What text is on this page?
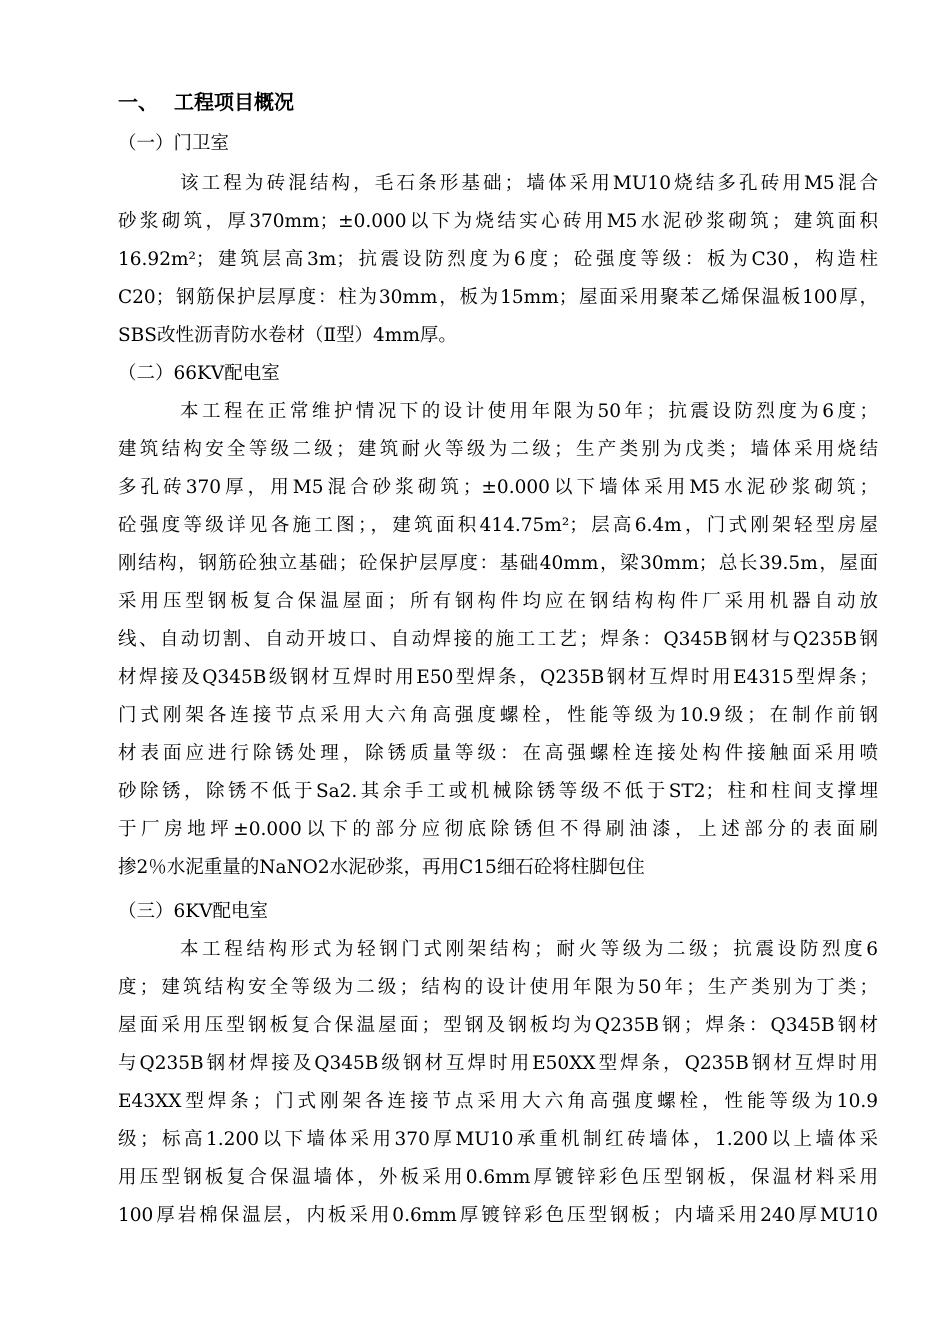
一、 工程项目概况
（一）门卫室
该工程为砖混结构，毛石条形基础；墙体采用MU10烧结多孔砖用M5混合
砂浆砌筑，厚370mm；±0.000以下为烧结实心砖用M5水泥砂浆砌筑；建筑面积
16.92m²；建筑层高3m；抗震设防烈度为6度；砼强度等级：板为C30，构造柱
C20；钢筋保护层厚度：柱为30mm，板为15mm；屋面采用聚苯乙烯保温板100厚，
SBS改性沥青防水卷材（Ⅱ型）4mm厚。
（二）66KV配电室
本工程在正常维护情况下的设计使用年限为50年；抗震设防烈度为6度；
建筑结构安全等级二级；建筑耐火等级为二级；生产类别为戊类；墙体采用烧结
多孔砖370厚，用M5混合砂浆砌筑；±0.000以下墙体采用M5水泥砂浆砌筑；
砼强度等级详见各施工图；，建筑面积414.75m²；层高6.4m，门式刚架轻型房屋
刚结构，钢筋砼独立基础；砼保护层厚度：基础40mm，梁30mm；总长39.5m，屋面
采用压型钢板复合保温屋面；所有钢构件均应在钢结构构件厂采用机器自动放
线、自动切割、自动开坡口、自动焊接的施工工艺；焊条：Q345B钢材与Q235B钢
材焊接及Q345B级钢材互焊时用E50型焊条，Q235B钢材互焊时用E4315型焊条；
门式刚架各连接节点采用大六角高强度螺栓，性能等级为10.9级；在制作前钢
材表面应进行除锈处理，除锈质量等级：在高强螺栓连接处构件接触面采用喷
砂除锈，除锈不低于Sa2.其余手工或机械除锈等级不低于ST2；柱和柱间支撑埋
于厂房地坪±0.000以下的部分应彻底除锈但不得刷油漆，上述部分的表面刷
掺2％水泥重量的NaNO2水泥砂浆，再用C15细石砼将柱脚包住
（三）6KV配电室
本工程结构形式为轻钢门式刚架结构；耐火等级为二级；抗震设防烈度6
度；建筑结构安全等级为二级；结构的设计使用年限为50年；生产类别为丁类；
屋面采用压型钢板复合保温屋面；型钢及钢板均为Q235B钢；焊条：Q345B钢材
与Q235B钢材焊接及Q345B级钢材互焊时用E50XX型焊条，Q235B钢材互焊时用
E43XX型焊条；门式刚架各连接节点采用大六角高强度螺栓，性能等级为10.9
级；标高1.200以下墙体采用370厚MU10承重机制红砖墙体，1.200以上墙体采
用压型钢板复合保温墙体，外板采用0.6mm厚镀锌彩色压型钢板，保温材料采用
100厚岩棉保温层，内板采用0.6mm厚镀锌彩色压型钢板；内墙采用240厚MU10
